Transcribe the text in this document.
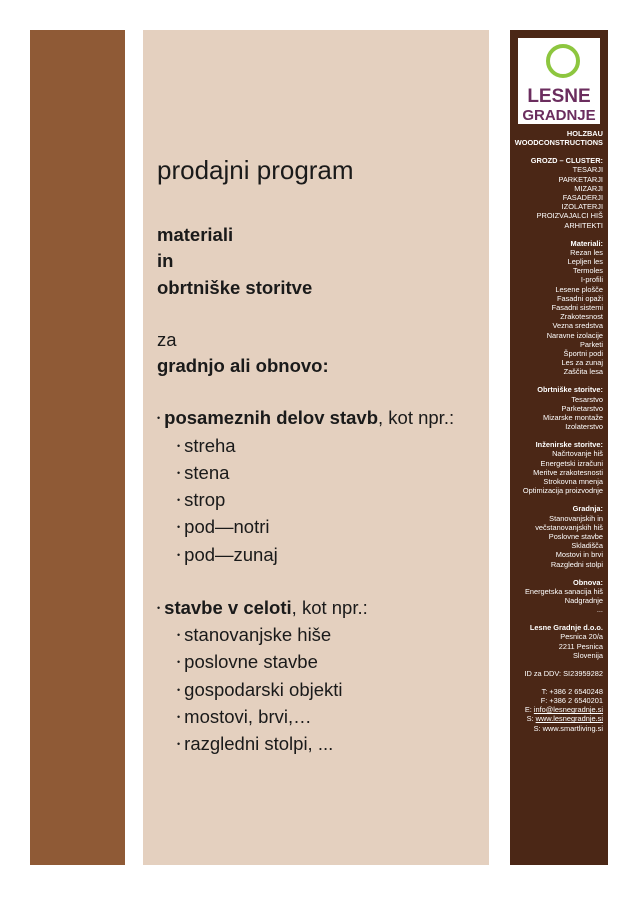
LESNE
GRADNJE
HOLZBAU
WOODCONSTRUCTIONS
GROZD – CLUSTER:
TESARJI
PARKETARJI
MIZARJI
FASADERJI
IZOLATERJI
PROIZVAJALCI HIŠ
ARHITEKTI
Materiali:
Rezan les
Lepljen les
Termoles
I-profili
Lesene plošče
Fasadni opaži
Fasadni sistemi
Zrakotesnost
Vezna sredstva
Naravne izolacije
Parketi
Športni podi
Les za zunaj
Zaščita lesa
Obrtniške storitve:
Tesarstvo
Parketarstvo
Mizarske montaže
Izolaterstvo
Inženirske storitve:
Načrtovanje hiš
Energetski izračuni
Meritve zrakotesnosti
Strokovna mnenja
Optimizacija proizvodnje
Gradnja:
Stanovanjskih in
večstanovanjskih hiš
Poslovne stavbe
Skladišča
Mostovi in brvi
Razgledni stolpi
Obnova:
Energetska sanacija hiš
Nadgradnje
...
Lesne Gradnje d.o.o.
Pesnica 20/a
2211 Pesnica
Slovenija
ID za DDV: SI23959282
T: +386 2 6540248
F: +386 2 6540201
E: info@lesnegradnje.si
S: www.lesnegradnje.si
S: www.smartliving.si
prodajni program
materiali
in
obrtniške storitve
za
gradnjo ali obnovo:
• posameznih delov stavb, kot npr.:
• streha
• stena
• strop
• pod—notri
• pod—zunaj
• stavbe v celoti, kot npr.:
• stanovanjske hiše
• poslovne stavbe
• gospodarski objekti
• mostovi, brvi,…
• razgledni stolpi, ...
